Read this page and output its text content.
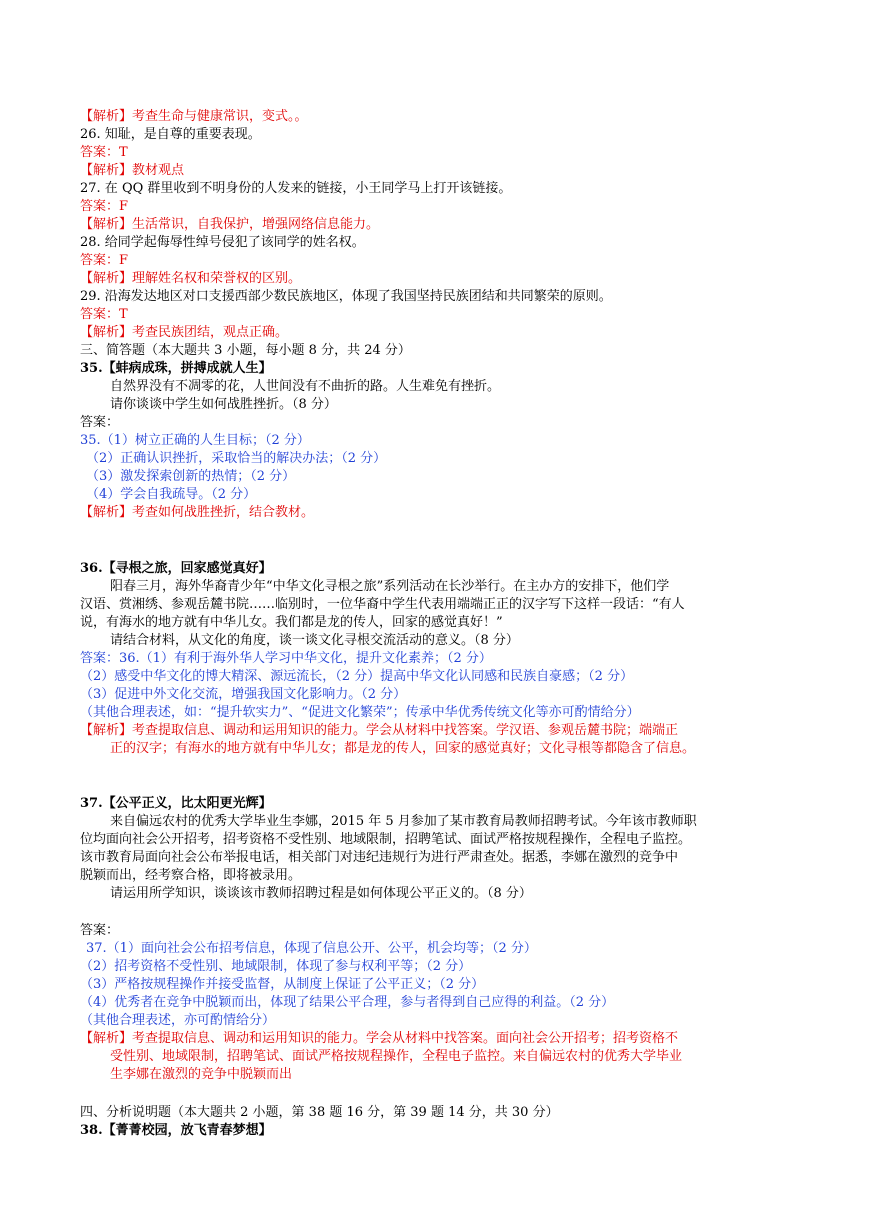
【解析】考查生命与健康常识，变式。。
26. 知耻，是自尊的重要表现。
答案：T
【解析】教材观点
27. 在 QQ 群里收到不明身份的人发来的链接，小王同学马上打开该链接。
答案：F
【解析】生活常识，自我保护，增强网络信息能力。
28. 给同学起侮辱性绰号侵犯了该同学的姓名权。
答案：F
【解析】理解姓名权和荣誉权的区别。
29. 沿海发达地区对口支援西部少数民族地区，体现了我国坚持民族团结和共同繁荣的原则。
答案：T
【解析】考查民族团结，观点正确。
三、简答题（本大题共 3 小题，每小题 8 分，共 24 分）
35.【蚌病成珠，拼搏成就人生】
自然界没有不凋零的花，人世间没有不曲折的路。人生难免有挫折。
请你谈谈中学生如何战胜挫折。（8 分）
答案：
35.（1）树立正确的人生目标；（2 分）
（2）正确认识挫折，采取恰当的解决办法；（2 分）
（3）激发探索创新的热情；（2 分）
（4）学会自我疏导。（2 分）
【解析】考查如何战胜挫折，结合教材。
36.【寻根之旅，回家感觉真好】
阳春三月，海外华裔青少年“中华文化寻根之旅”系列活动在长沙举行。在主办方的安排下，他们学
汉语、赏湘绣、参观岳麓书院……临别时，一位华裔中学生代表用端端正正的汉字写下这样一段话：“有人
说，有海水的地方就有中华儿女。我们都是龙的传人，回家的感觉真好！”
请结合材料，从文化的角度，谈一谈文化寻根交流活动的意义。（8 分）
答案：36.（1）有利于海外华人学习中华文化，提升文化素养；（2 分）
（2）感受中华文化的博大精深、源远流长，（2 分）提高中华文化认同感和民族自豪感；（2 分）
（3）促进中外文化交流，增强我国文化影响力。（2 分）
（其他合理表述，如：“提升软实力”、“促进文化繁荣”；传承中华优秀传统文化等亦可酌情给分）
【解析】考查提取信息、调动和运用知识的能力。学会从材料中找答案。学汉语、参观岳麓书院；端端正
正的汉字；有海水的地方就有中华儿女；都是龙的传人，回家的感觉真好；文化寻根等都隐含了信息。
37.【公平正义，比太阳更光辉】
来自偏远农村的优秀大学毕业生李娜，2015 年 5 月参加了某市教育局教师招聘考试。今年该市教师职
位均面向社会公开招考，招考资格不受性别、地域限制，招聘笔试、面试严格按规程操作，全程电子监控。
该市教育局面向社会公布举报电话，相关部门对违纪违规行为进行严肃查处。据悉，李娜在激烈的竞争中
脱颖而出，经考察合格，即将被录用。
请运用所学知识，谈谈该市教师招聘过程是如何体现公平正义的。（8 分）
答案：
37.（1）面向社会公布招考信息，体现了信息公开、公平，机会均等；（2 分）
（2）招考资格不受性别、地域限制，体现了参与权利平等；（2 分）
（3）严格按规程操作并接受监督，从制度上保证了公平正义；（2 分）
（4）优秀者在竞争中脱颖而出，体现了结果公平合理，参与者得到自己应得的利益。（2 分）
（其他合理表述，亦可酌情给分）
【解析】考查提取信息、调动和运用知识的能力。学会从材料中找答案。面向社会公开招考；招考资格不
受性别、地域限制，招聘笔试、面试严格按规程操作，全程电子监控。来自偏远农村的优秀大学毕业
生李娜在激烈的竞争中脱颖而出
四、分析说明题（本大题共 2 小题，第 38 题 16 分，第 39 题 14 分，共 30 分）
38.【菁菁校园，放飞青春梦想】
